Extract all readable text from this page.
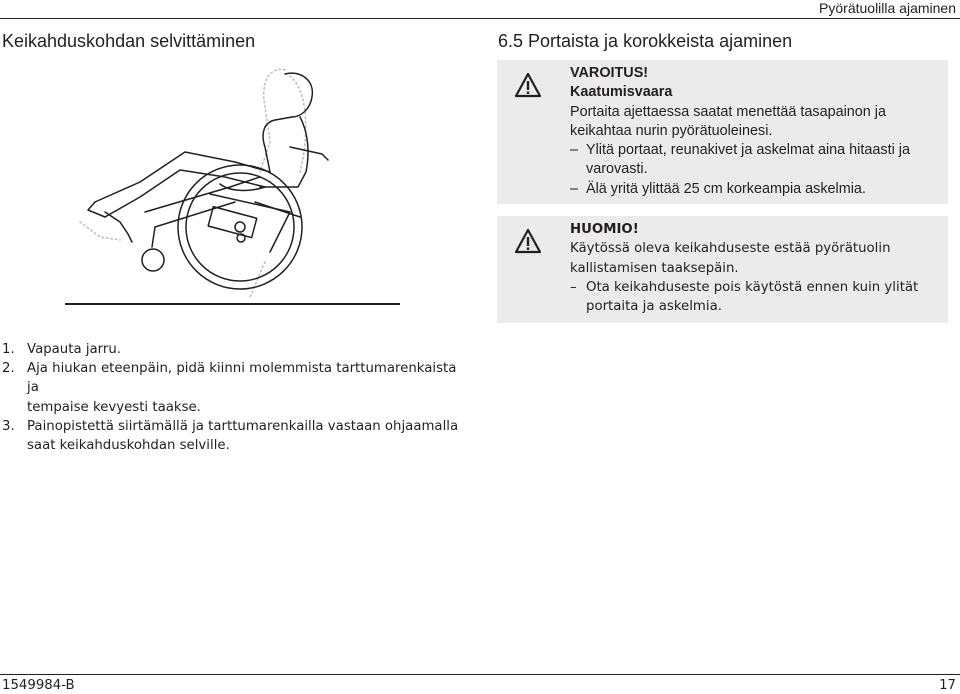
Pyörätuolilla ajaminen
Keikahduskohdan selvittäminen	6.5 Portaista ja korokkeista ajaminen
VAROITUS!
Kaatumisvaara
Portaita ajettaessa saatat menettää tasapainon ja
keikahtaa nurin pyörätuoleinesi.
– Ylitä portaat, reunakivet ja askelmat aina hitaasti ja
varovasti.
– Älä yritä ylittää 25 cm korkeampia askelmia.
HUOMIO!
Käytössä oleva keikahduseste estää pyörätuolin
kallistamisen taaksepäin.
– Ota keikahduseste pois käytöstä ennen kuin ylität
portaita ja askelmia.
1. Vapauta jarru.
2. Aja hiukan eteenpäin, pidä kiinni molemmista tarttumarenkaista ja
tempaise kevyesti taakse.
3. Painopistettä siirtämällä ja tarttumarenkailla vastaan ohjaamalla
saat keikahduskohdan selville.
1549984-B	17
